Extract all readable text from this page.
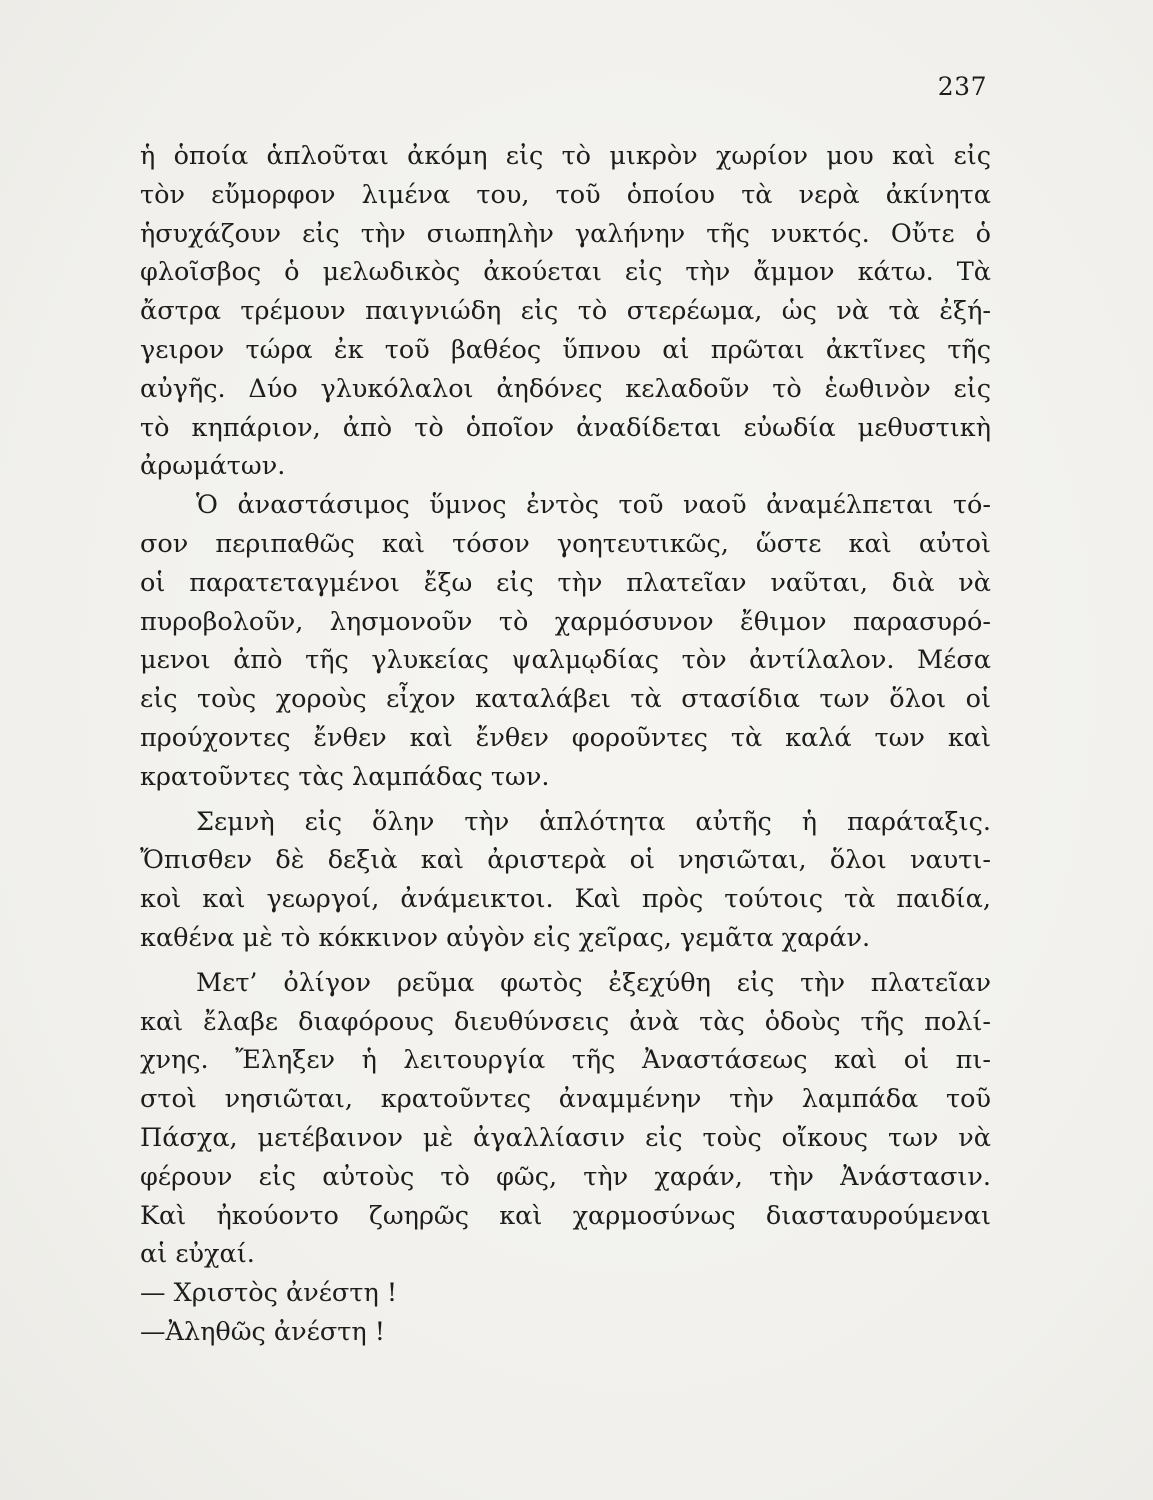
237
ἡ ὁποία ἁπλοῦται ἀκόμη εἰς τὸ μικρὸν χωρίον μου καὶ εἰς
τὸν εὔμορφον λιμένα του, τοῦ ὁποίου τὰ νερὰ ἀκίνητα
ἡσυχάζουν εἰς τὴν σιωπηλὴν γαλήνην τῆς νυκτός. Οὔτε ὁ
φλοῖσβος ὁ μελωδικὸς ἀκούεται εἰς τὴν ἄμμον κάτω. Τὰ
ἄστρα τρέμουν παιγνιώδη εἰς τὸ στερέωμα, ὡς νὰ τὰ ἐξή-
γειρον τώρα ἐκ τοῦ βαθέος ὕπνου αἱ πρῶται ἀκτῖνες τῆς
αὐγῆς. Δύο γλυκόλαλοι ἀηδόνες κελαδοῦν τὸ ἑωθινὸν εἰς
τὸ κηπάριον, ἀπὸ τὸ ὁποῖον ἀναδίδεται εὐωδία μεθυστικὴ
ἀρωμάτων.
Ὁ ἀναστάσιμος ὕμνος ἐντὸς τοῦ ναοῦ ἀναμέλπεται τό-
σον περιπαθῶς καὶ τόσον γοητευτικῶς, ὥστε καὶ αὐτοὶ
οἱ παρατεταγμένοι ἔξω εἰς τὴν πλατεῖαν ναῦται, διὰ νὰ
πυροβολοῦν, λησμονοῦν τὸ χαρμόσυνον ἔθιμον παρασυρό-
μενοι ἀπὸ τῆς γλυκείας ψαλμῳδίας τὸν ἀντίλαλον. Μέσα
εἰς τοὺς χοροὺς εἶχον καταλάβει τὰ στασίδια των ὅλοι οἱ
προύχοντες ἔνθεν καὶ ἔνθεν φοροῦντες τὰ καλά των καὶ
κρατοῦντες τὰς λαμπάδας των.
Σεμνὴ εἰς ὅλην τὴν ἁπλότητα αὐτῆς ἡ παράταξις.
Ὄπισθεν δὲ δεξιὰ καὶ ἀριστερὰ οἱ νησιῶται, ὅλοι ναυτι-
κοὶ καὶ γεωργοί, ἀνάμεικτοι. Καὶ πρὸς τούτοις τὰ παιδία,
καθένα μὲ τὸ κόκκινον αὐγὸν εἰς χεῖρας, γεμᾶτα χαράν.
Μετ’ ὀλίγον ρεῦμα φωτὸς ἐξεχύθη εἰς τὴν πλατεῖαν
καὶ ἔλαβε διαφόρους διευθύνσεις ἀνὰ τὰς ὁδοὺς τῆς πολί-
χνης. Ἔληξεν ἡ λειτουργία τῆς Ἀναστάσεως καὶ οἱ πι-
στοὶ νησιῶται, κρατοῦντες ἀναμμένην τὴν λαμπάδα τοῦ
Πάσχα, μετέβαινον μὲ ἀγαλλίασιν εἰς τοὺς οἴκους των νὰ
φέρουν εἰς αὐτοὺς τὸ φῶς, τὴν χαράν, τὴν Ἀνάστασιν.
Καὶ ἠκούοντο ζωηρῶς καὶ χαρμοσύνως διασταυρούμεναι
αἱ εὐχαί.
— Χριστὸς ἀνέστη !
—Ἀληθῶς ἀνέστη !
